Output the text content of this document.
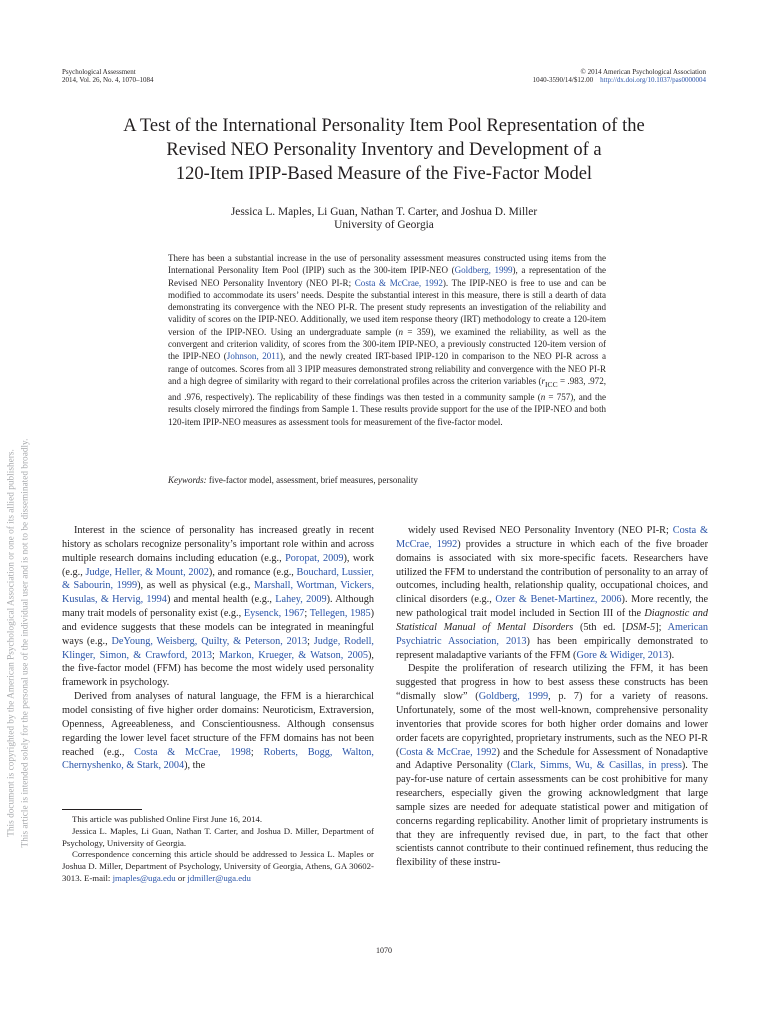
Psychological Assessment
2014, Vol. 26, No. 4, 1070–1084
© 2014 American Psychological Association
1040-3590/14/$12.00 http://dx.doi.org/10.1037/pas0000004
A Test of the International Personality Item Pool Representation of the
Revised NEO Personality Inventory and Development of a
120-Item IPIP-Based Measure of the Five-Factor Model
Jessica L. Maples, Li Guan, Nathan T. Carter, and Joshua D. Miller
University of Georgia

There has been a substantial increase in the use of personality assessment measures constructed using items from the International Personality Item Pool (IPIP) such as the 300-item IPIP-NEO (Goldberg, 1999), a representation of the Revised NEO Personality Inventory (NEO PI-R; Costa & McCrae, 1992). The IPIP-NEO is free to use and can be modified to accommodate its users’ needs. Despite the substantial interest in this measure, there is still a dearth of data demonstrating its convergence with the NEO PI-R. The present study represents an investigation of the reliability and validity of scores on the IPIP-NEO. Additionally, we used item response theory (IRT) methodology to create a 120-item version of the IPIP-NEO. Using an undergraduate sample (n = 359), we examined the reliability, as well as the convergent and criterion validity, of scores from the 300-item IPIP-NEO, a previously constructed 120-item version of the IPIP-NEO (Johnson, 2011), and the newly created IRT-based IPIP-120 in comparison to the NEO PI-R across a range of outcomes. Scores from all 3 IPIP measures demonstrated strong reliability and convergence with the NEO PI-R and a high degree of similarity with regard to their correlational profiles across the criterion variables ($r_{ICC} = .983$, .972, and .976, respectively). The replicability of these findings was then tested in a community sample (n = 757), and the results closely mirrored the findings from Sample 1. These results provide support for the use of the IPIP-NEO and both 120-item IPIP-NEO measures as assessment tools for measurement of the five-factor model.

Keywords: five-factor model, assessment, brief measures, personality

Interest in the science of personality has increased greatly in recent history as scholars recognize personality’s important role within and across multiple research domains including education (e.g., Poropat, 2009), work (e.g., Judge, Heller, & Mount, 2002), and romance (e.g., Bouchard, Lussier, & Sabourin, 1999), as well as physical (e.g., Marshall, Wortman, Vickers, Kusulas, & Hervig, 1994) and mental health (e.g., Lahey, 2009). Although many trait models of personality exist (e.g., Eysenck, 1967; Tellegen, 1985) and evidence suggests that these models can be integrated in meaningful ways (e.g., DeYoung, Weisberg, Quilty, & Peterson, 2013; Judge, Rodell, Klinger, Simon, & Crawford, 2013; Markon, Krueger, & Watson, 2005), the five-factor model (FFM) has become the most widely used personality framework in psychology.

Derived from analyses of natural language, the FFM is a hierarchical model consisting of five higher order domains: Neuroticism, Extraversion, Openness, Agreeableness, and Conscientiousness. Although consensus regarding the lower level facet structure of the FFM domains has not been reached (e.g., Costa & McCrae, 1998; Roberts, Bogg, Walton, Chernyshenko, & Stark, 2004), the

widely used Revised NEO Personality Inventory (NEO PI-R; Costa & McCrae, 1992) provides a structure in which each of the five broader domains is associated with six more-specific facets. Researchers have utilized the FFM to understand the contribution of personality to an array of outcomes, including health, relationship quality, occupational choices, and clinical disorders (e.g., Ozer & Benet-Martinez, 2006). More recently, the new pathological trait model included in Section III of the Diagnostic and Statistical Manual of Mental Disorders (5th ed. [DSM-5]; American Psychiatric Association, 2013) has been empirically demonstrated to represent maladaptive variants of the FFM (Gore & Widiger, 2013).

Despite the proliferation of research utilizing the FFM, it has been suggested that progress in how to best assess these constructs has been “dismally slow” (Goldberg, 1999, p. 7) for a variety of reasons. Unfortunately, some of the most well-known, comprehensive personality inventories that provide scores for both higher order domains and lower order facets are copyrighted, proprietary instruments, such as the NEO PI-R (Costa & McCrae, 1992) and the Schedule for Assessment of Nonadaptive and Adaptive Personality (Clark, Simms, Wu, & Casillas, in press). The pay-for-use nature of certain assessments can be cost prohibitive for many researchers, especially given the growing acknowledgment that large sample sizes are needed for adequate statistical power and mitigation of concerns regarding replicability. Another limit of proprietary instruments is that they are infrequently revised due, in part, to the fact that other scientists cannot contribute to their continued refinement, thus reducing the flexibility of these instru-

This article was published Online First June 16, 2014.

Jessica L. Maples, Li Guan, Nathan T. Carter, and Joshua D. Miller, Department of Psychology, University of Georgia.

Correspondence concerning this article should be addressed to Jessica L. Maples or Joshua D. Miller, Department of Psychology, University of Georgia, Athens, GA 30602-3013. E-mail: jmaples@uga.edu or jdmiller@uga.edu

1070
This document is copyrighted by the American Psychological Association or one of its allied publishers. This article is intended solely for the personal use of the individual user and is not to be disseminated broadly.
